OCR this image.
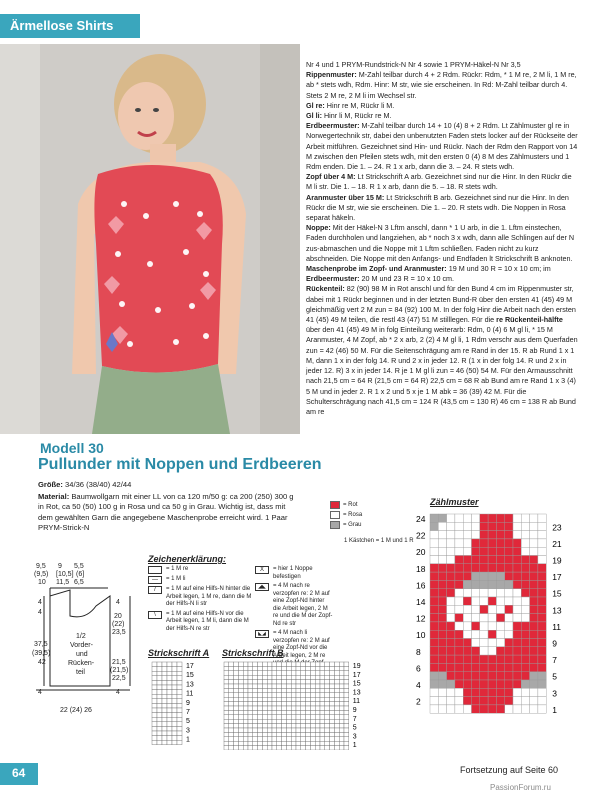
Ärmellose Shirts
Modell 30
Pullunder mit Noppen und Erdbeeren

Größe: 34/36 (38/40) 42/44

Material: Baumwollgarn mit einer LL von ca 120 m/50 g: ca 200 (250) 300 g in Rot, ca 50 (50) 100 g in Rosa und ca 50 g in Grau. Wichtig ist, dass mit dem gewählten Garn die angegebene Maschenprobe erreicht wird. 1 Paar PRYM-Strick-N

Nr 4 und 1 PRYM-Rundstrick-N Nr 4 sowie 1 PRYM-Häkel-N Nr 3,5

Rippenmuster: M-Zahl teilbar durch 4 + 2 Rdm. Rückr: Rdm, * 1 M re, 2 M li, 1 M re, ab * stets wdh, Rdm. Hinr: M str, wie sie erscheinen. In Rd: M-Zahl teilbar durch 4. Stets 2 M re, 2 M li im Wechsel str.

Gl re: Hinr re M, Rückr li M.

Gl li: Hinr li M, Rückr re M.

Erdbeermuster: M-Zahl teilbar durch 14 + 10 (4) 8 + 2 Rdm. Lt Zählmuster gl re in Norwegertechnik str, dabei den unbenutzten Faden stets locker auf der Rückseite der Arbeit mitführen. Gezeichnet sind Hin- und Rückr. Nach der Rdm den Rapport von 14 M zwischen den Pfeilen stets wdh, mit den ersten 0 (4) 8 M des Zählmusters und 1 Rdm enden. Die 1. – 24. R 1 x arb, dann die 3. – 24. R stets wdh.

Zopf über 4 M: Lt Strickschrift A arb. Gezeichnet sind nur die Hinr. In den Rückr die M li str. Die 1. – 18. R 1 x arb, dann die 5. – 18. R stets wdh.

Aranmuster über 15 M: Lt Strickschrift B arb. Gezeichnet sind nur die Hinr. In den Rückr die M str, wie sie erscheinen. Die 1. – 20. R stets wdh. Die Noppen in Rosa separat häkeln.

Noppe: Mit der Häkel-N 3 Lftm anschl, dann * 1 U arb, in die 1. Lftm einstechen, Faden durchholen und langziehen, ab * noch 3 x wdh, dann alle Schlingen auf der N zus-abmaschen und die Noppe mit 1 Lftm schließen. Faden nicht zu kurz abschneiden. Die Noppe mit den Anfangs- und Endfaden lt Strickschrift B anknoten.

Maschenprobe im Zopf- und Aranmuster: 19 M und 30 R = 10 x 10 cm; im Erdbeermuster: 20 M und 23 R = 10 x 10 cm.

Rückenteil: 82 (90) 98 M in Rot anschl und für den Bund 4 cm im Rippenmuster str, dabei mit 1 Rückr beginnen und in der letzten Bund-R über den ersten 41 (45) 49 M gleichmäßig vert 2 M zun = 84 (92) 100 M. In der folg Hinr die Arbeit nach den ersten 41 (45) 49 M teilen, die restl 43 (47) 51 M stilllegen. Für die re Rückenteil-hälfte über den 41 (45) 49 M in folg Einteilung weiterarb: Rdm, 0 (4) 6 M gl li, * 15 M Aranmuster, 4 M Zopf, ab * 2 x arb, 2 (2) 4 M gl li, 1 Rdm verschr aus dem Querfaden zun = 42 (46) 50 M. Für die Seitenschrägung am re Rand in der 15. R ab Rund 1 x 1 M, dann 1 x in der folg 14. R und 2 x in jeder 12. R (1 x in der folg 14. R und 2 x in jeder 12. R) 3 x in jeder 14. R je 1 M gl li zun = 46 (50) 54 M. Für den Armausschnitt nach 21,5 cm = 64 R (21,5 cm = 64 R) 22,5 cm = 68 R ab Bund am re Rand 1 x 3 (4) 5 M und in jeder 2. R 1 x 2 und 5 x je 1 M abk = 36 (39) 42 M. Für die Schulterschrägung nach 41,5 cm = 124 R (43,5 cm = 130 R) 46 cm = 138 R ab Bund am re

9,5 9 5,5
(9,5) [10,5] (6]
10 11,5 6,5
4
4
37,5
(39,5)
42
4
20
(22)
23,5
21,5
(21,5)
22,5
1/2
Vorder-
und
Rücken-
teil
4	4
22 (24) 26
Zeichenerklärung:
= 1 M re
—	= 1 M li
/	= 1 M auf eine Hilfs-N hinter die Arbeit legen, 1 M re, dann die M der Hilfs-N li str
\	= 1 M auf eine Hilfs-N vor die Arbeit legen, 1 M li, dann die M der Hilfs-N re str
X	= hier 1 Noppe befestigen
◢◣	= 4 M nach re verzopfen re: 2 M auf eine Zopf-Nd hinter die Arbeit legen, 2 M re und die M der Zopf-Nd re str
◣◢	= 4 M nach li verzopfen re: 2 M auf eine Zopf-Nd vor die Arbeit legen, 2 M re
= Rot
= Rosa
= Grau
1 Kästchen = 1 M und 1 R
Strickschrift A
17
15
13
11
9
7
5
3
1
Strickschrift B
19
17
15
13
11
9
7
5
3
1
Zählmuster
24
22
20
18
16
14
12
10
8
6
4
2
23
21
19
17
15
13
11
9
7
5
3
1
Fortsetzung auf Seite 60
64
PassionForum.ru
